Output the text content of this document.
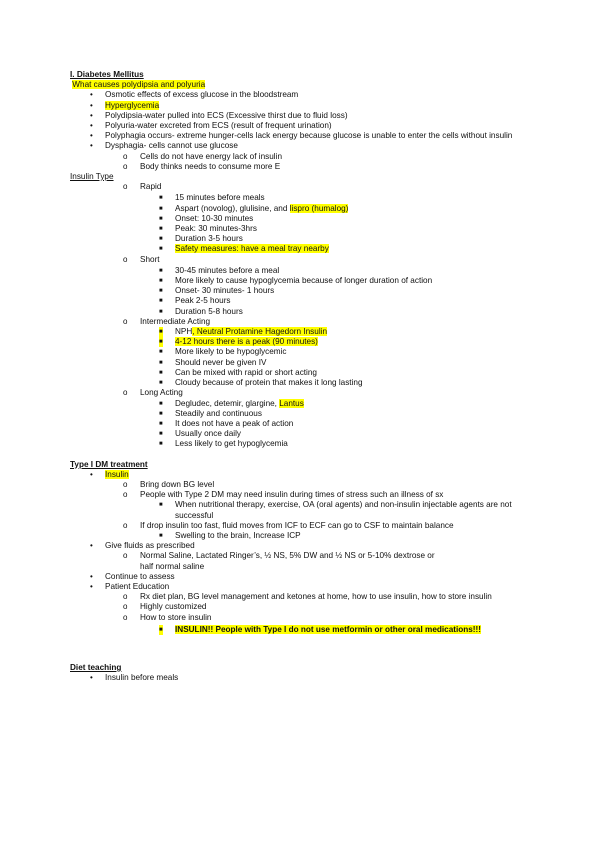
I. Diabetes Mellitus
What causes polydipsia and polyuria
• Osmotic effects of excess glucose in the bloodstream
• Hyperglycemia
• Polydipsia-water pulled into ECS (Excessive thirst due to fluid loss)
• Polyuria-water excreted from ECS (result of frequent urination)
• Polyphagia occurs- extreme hunger-cells lack energy because glucose is unable to enter the cells without insulin
• Dysphagia- cells cannot use glucose
o Cells do not have energy lack of insulin
o Body thinks needs to consume more E
Insulin Type
o Rapid
■ 15 minutes before meals
■ Aspart (novolog), glulisine, and lispro (humalog)
■ Onset: 10-30 minutes
■ Peak: 30 minutes-3hrs
■ Duration 3-5 hours
■ Safety measures: have a meal tray nearby
o Short
■ 30-45 minutes before a meal
■ More likely to cause hypoglycemia because of longer duration of action
■ Onset- 30 minutes- 1 hours
■ Peak 2-5 hours
■ Duration 5-8 hours
o Intermediate Acting
■ NPH, Neutral Protamine Hagedorn Insulin
■ 4-12 hours there is a peak (90 minutes)
■ More likely to be hypoglycemic
■ Should never be given IV
■ Can be mixed with rapid or short acting
■ Cloudy because of protein that makes it long lasting
o Long Acting
■ Degludec, detemir, glargine, Lantus
■ Steadily and continuous
■ It does not have a peak of action
■ Usually once daily
■ Less likely to get hypoglycemia
Type I DM treatment
• Insulin
o Bring down BG level
o People with Type 2 DM may need insulin during times of stress such an illness of sx
■ When nutritional therapy, exercise, OA (oral agents) and non-insulin injectable agents are not successful
o If drop insulin too fast, fluid moves from ICF to ECF can go to CSF to maintain balance
■ Swelling to the brain, Increase ICP
• Give fluids as prescribed
o Normal Saline, Lactated Ringer’s, ½ NS, 5% DW and ½ NS or 5-10% dextrose or half normal saline
• Continue to assess
• Patient Education
o Rx diet plan, BG level management and ketones at home, how to use insulin, how to store insulin
o Highly customized
o How to store insulin
■ INSULIN!! People with Type I do not use metformin or other oral medications!!!
Diet teaching
• Insulin before meals
